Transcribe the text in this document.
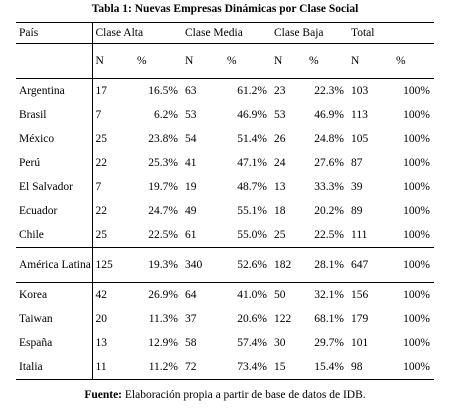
Tabla 1: Nuevas Empresas Dinámicas por Clase Social
País	Clase Alta		Clase Media		Clase Baja		Total	
	N	%	N	%	N	%	N	%
Argentina	17	16.5%	63	61.2%	23	22.3%	103	100%
Brasil	7	6.2%	53	46.9%	53	46.9%	113	100%
México	25	23.8%	54	51.4%	26	24.8%	105	100%
Perú	22	25.3%	41	47.1%	24	27.6%	87	100%
El Salvador	7	19.7%	19	48.7%	13	33.3%	39	100%
Ecuador	22	24.7%	49	55.1%	18	20.2%	89	100%
Chile	25	22.5%	61	55.0%	25	22.5%	111	100%
América Latina	125	19.3%	340	52.6%	182	28.1%	647	100%
Korea	42	26.9%	64	41.0%	50	32.1%	156	100%
Taiwan	20	11.3%	37	20.6%	122	68.1%	179	100%
España	13	12.9%	58	57.4%	30	29.7%	101	100%
Italia	11	11.2%	72	73.4%	15	15.4%	98	100%
Fuente: Elaboración propia a partir de base de datos de IDB.
